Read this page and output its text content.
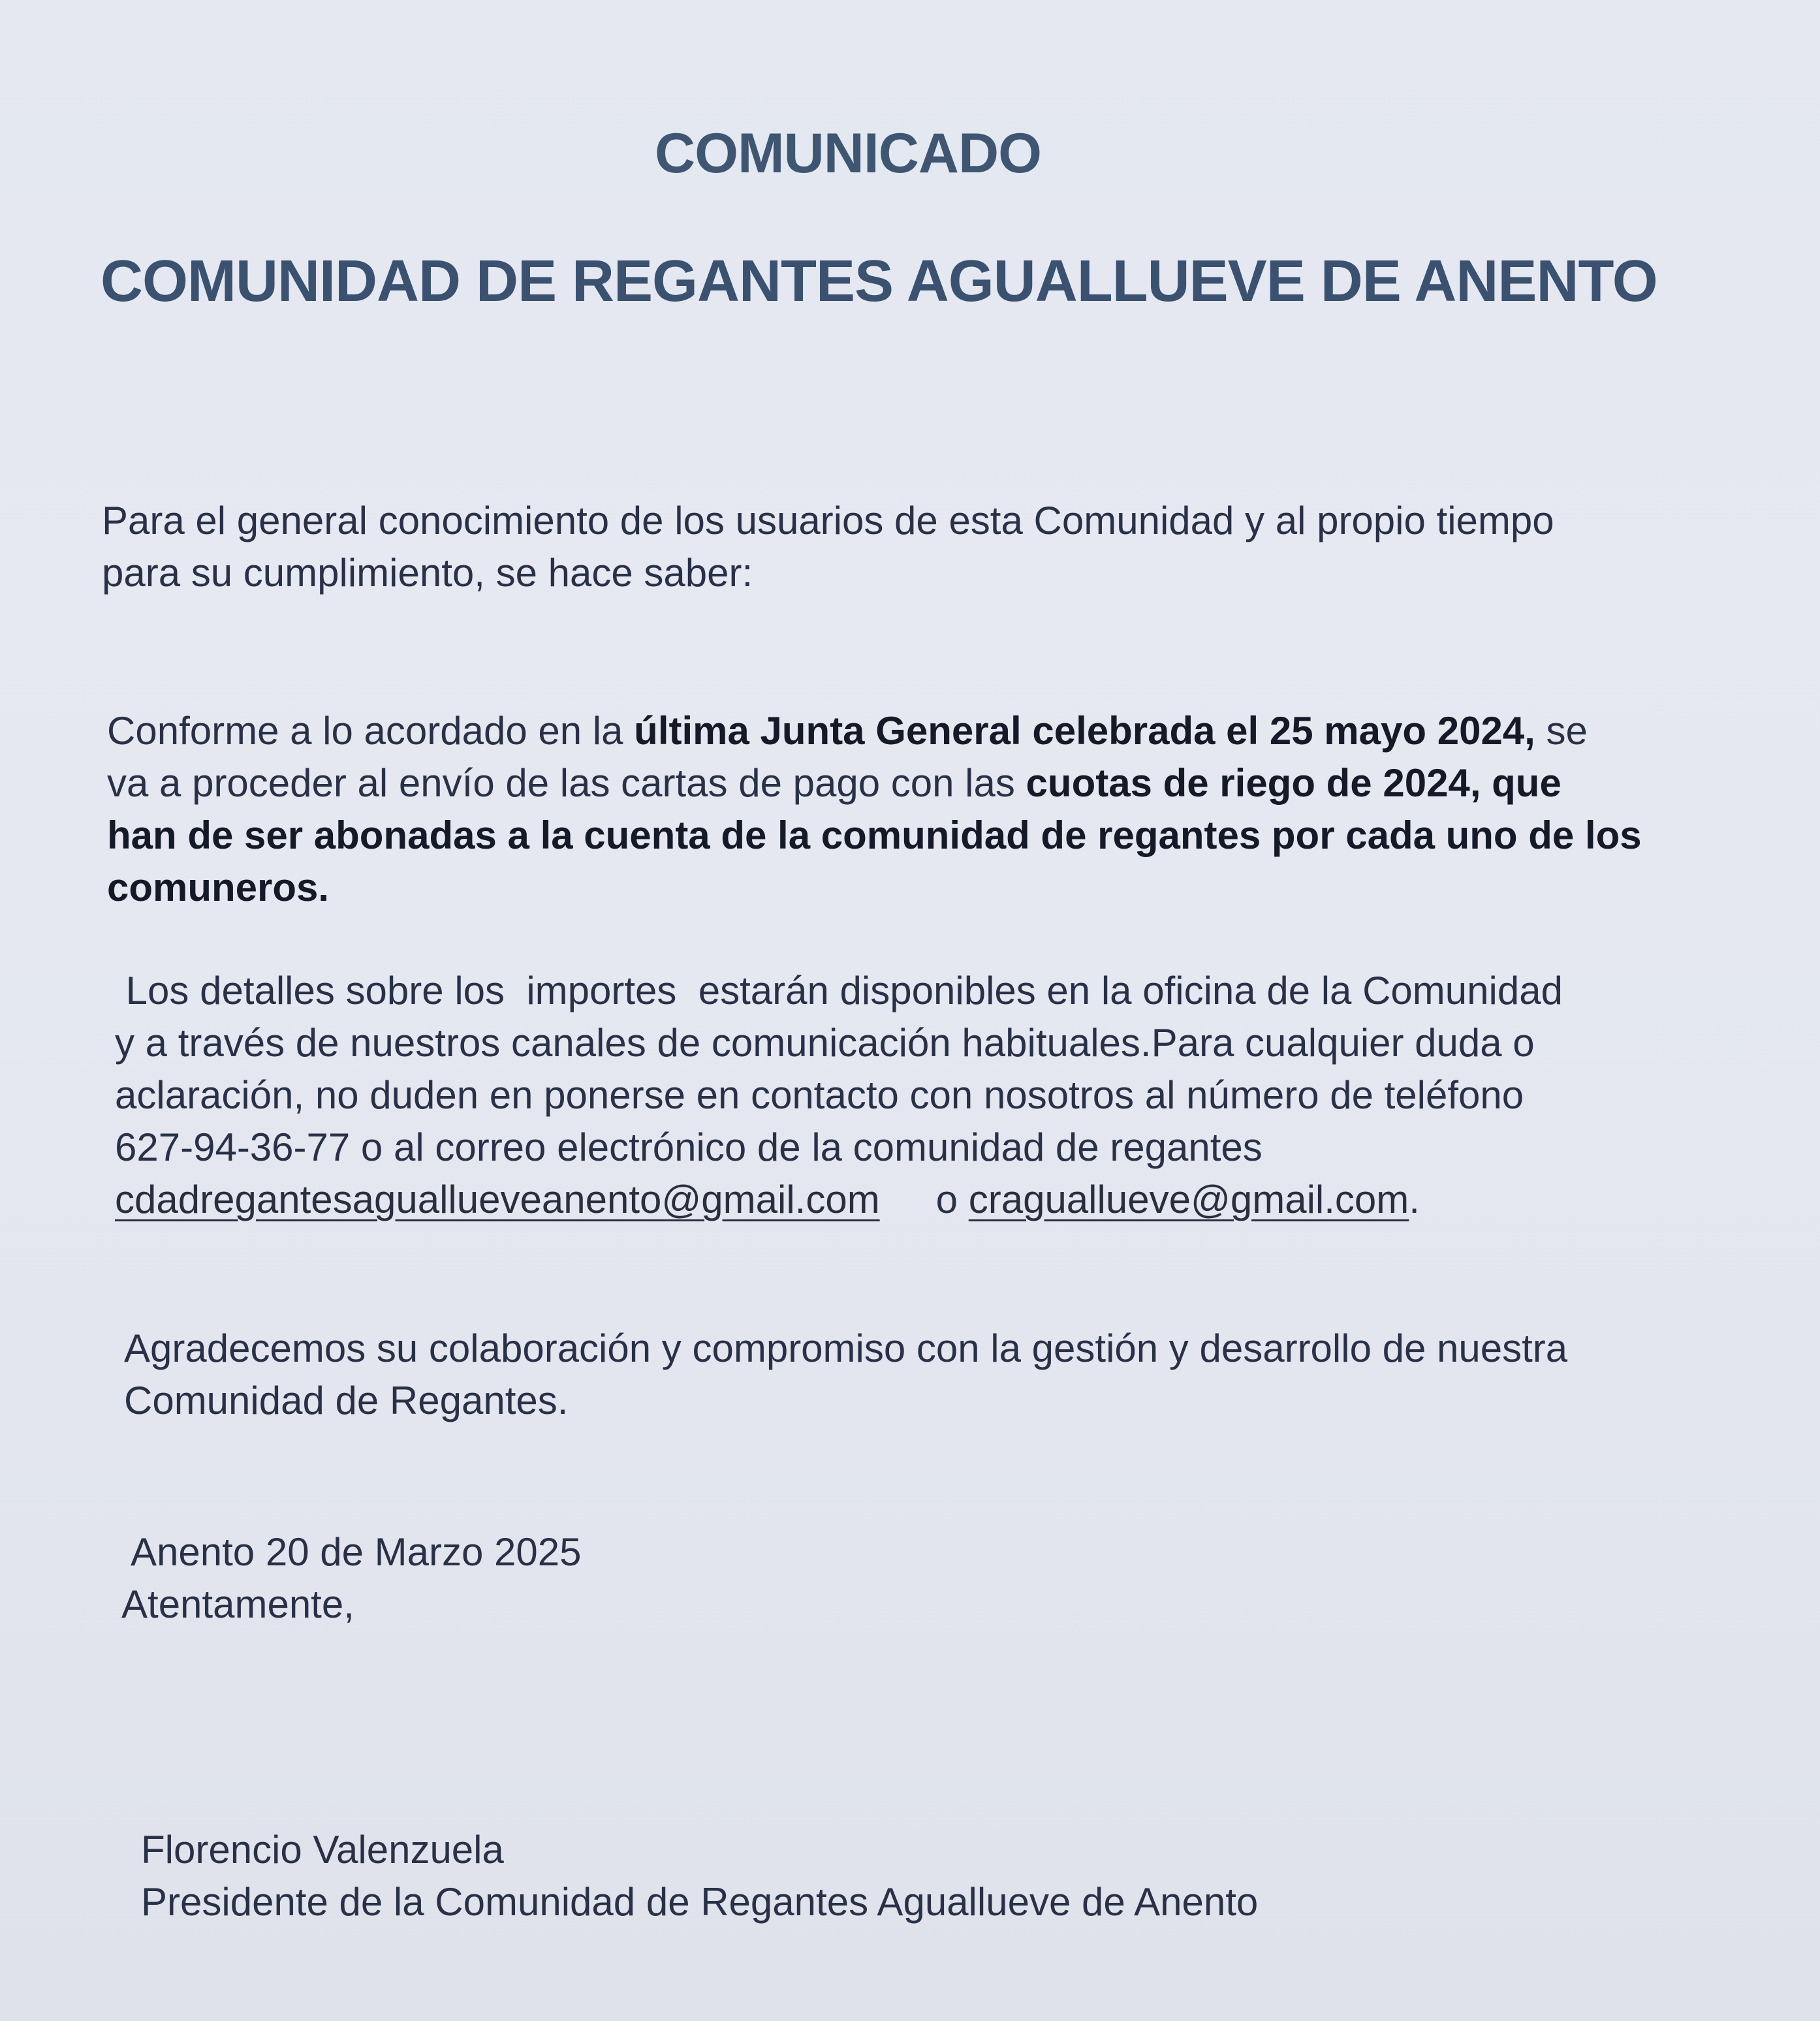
COMUNICADO
COMUNIDAD DE REGANTES AGUALLUEVE DE ANENTO
Para el general conocimiento de los usuarios de esta Comunidad y al propio tiempo
para su cumplimiento, se hace saber:
Conforme a lo acordado en la última Junta General celebrada el 25 mayo 2024, se
va a proceder al envío de las cartas de pago con las cuotas de riego de 2024, que
han de ser abonadas a la cuenta de la comunidad de regantes por cada uno de los
comuneros.
Los detalles sobre los  importes  estarán disponibles en la oficina de la Comunidad
y a través de nuestros canales de comunicación habituales.Para cualquier duda o
aclaración, no duden en ponerse en contacto con nosotros al número de teléfono
627-94-36-77 o al correo electrónico de la comunidad de regantes
cdadregantesaguallueveanento@gmail.com o craguallueve@gmail.com.
Agradecemos su colaboración y compromiso con la gestión y desarrollo de nuestra
Comunidad de Regantes.
Anento 20 de Marzo 2025
Atentamente,
Florencio Valenzuela
Presidente de la Comunidad de Regantes Aguallueve de Anento
